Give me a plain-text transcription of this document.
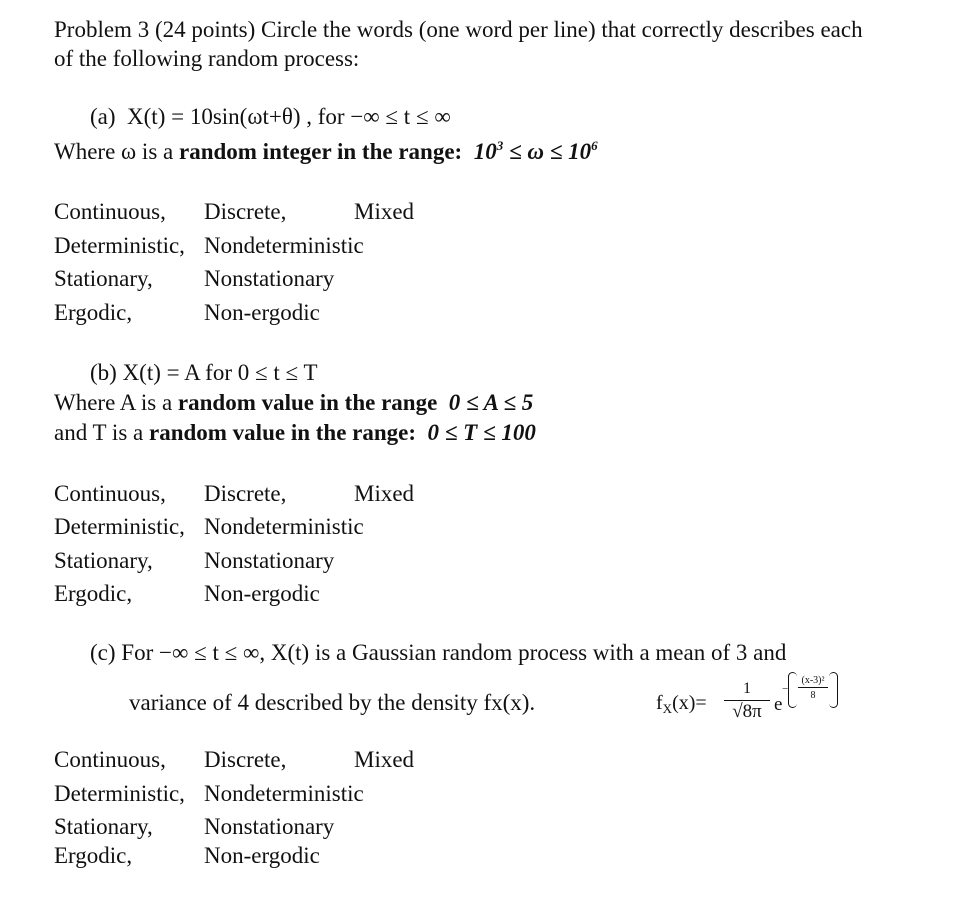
Problem 3 (24 points) Circle the words (one word per line) that correctly describes each
of the following random process:
(a) X(t) = 10sin(ωt+θ) , for −∞ ≤ t ≤ ∞
Where ω is a random integer in the range: $10^3 \le \omega \le 10^6$
Continuous, Discrete,	Mixed
Deterministic, Nondeterministic
Stationary, Nonstationary
Ergodic,	Non-ergodic
(b) X(t) = A for 0 ≤ t ≤ T
Where A is a random value in the range 0 ≤ A ≤ 5
and T is a random value in the range: 0 ≤ T ≤ 100
Continuous, Discrete,	Mixed
Deterministic, Nondeterministic
Stationary, Nonstationary
Ergodic,	Non-ergodic
(c) For −∞ ≤ t ≤ ∞, X(t) is a Gaussian random process with a mean of 3 and
variance of 4 described by the density fx(x).	$f_X(x)=$
1
√8π e
−
(x-3)²
8
Continuous, Discrete,	Mixed
Deterministic, Nondeterministic
Stationary, Nonstationary
Ergodic,	Non-ergodic
